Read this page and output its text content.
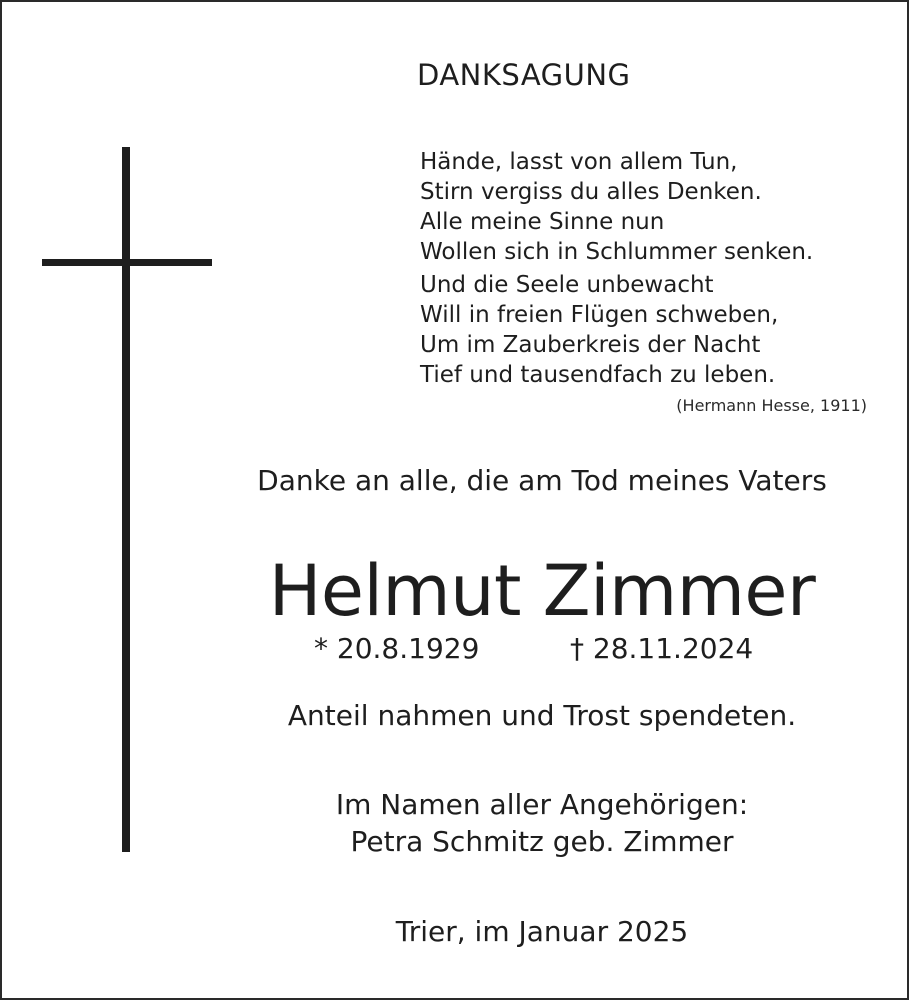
DANKSAGUNG
Hände, lasst von allem Tun,
Stirn vergiss du alles Denken.
Alle meine Sinne nun
Wollen sich in Schlummer senken.
Und die Seele unbewacht
Will in freien Flügen schweben,
Um im Zauberkreis der Nacht
Tief und tausendfach zu leben.
(Hermann Hesse, 1911)
Danke an alle, die am Tod meines Vaters
Helmut Zimmer
* 20.8.1929	† 28.11.2024
Anteil nahmen und Trost spendeten.
Im Namen aller Angehörigen:
Petra Schmitz geb. Zimmer
Trier, im Januar 2025
